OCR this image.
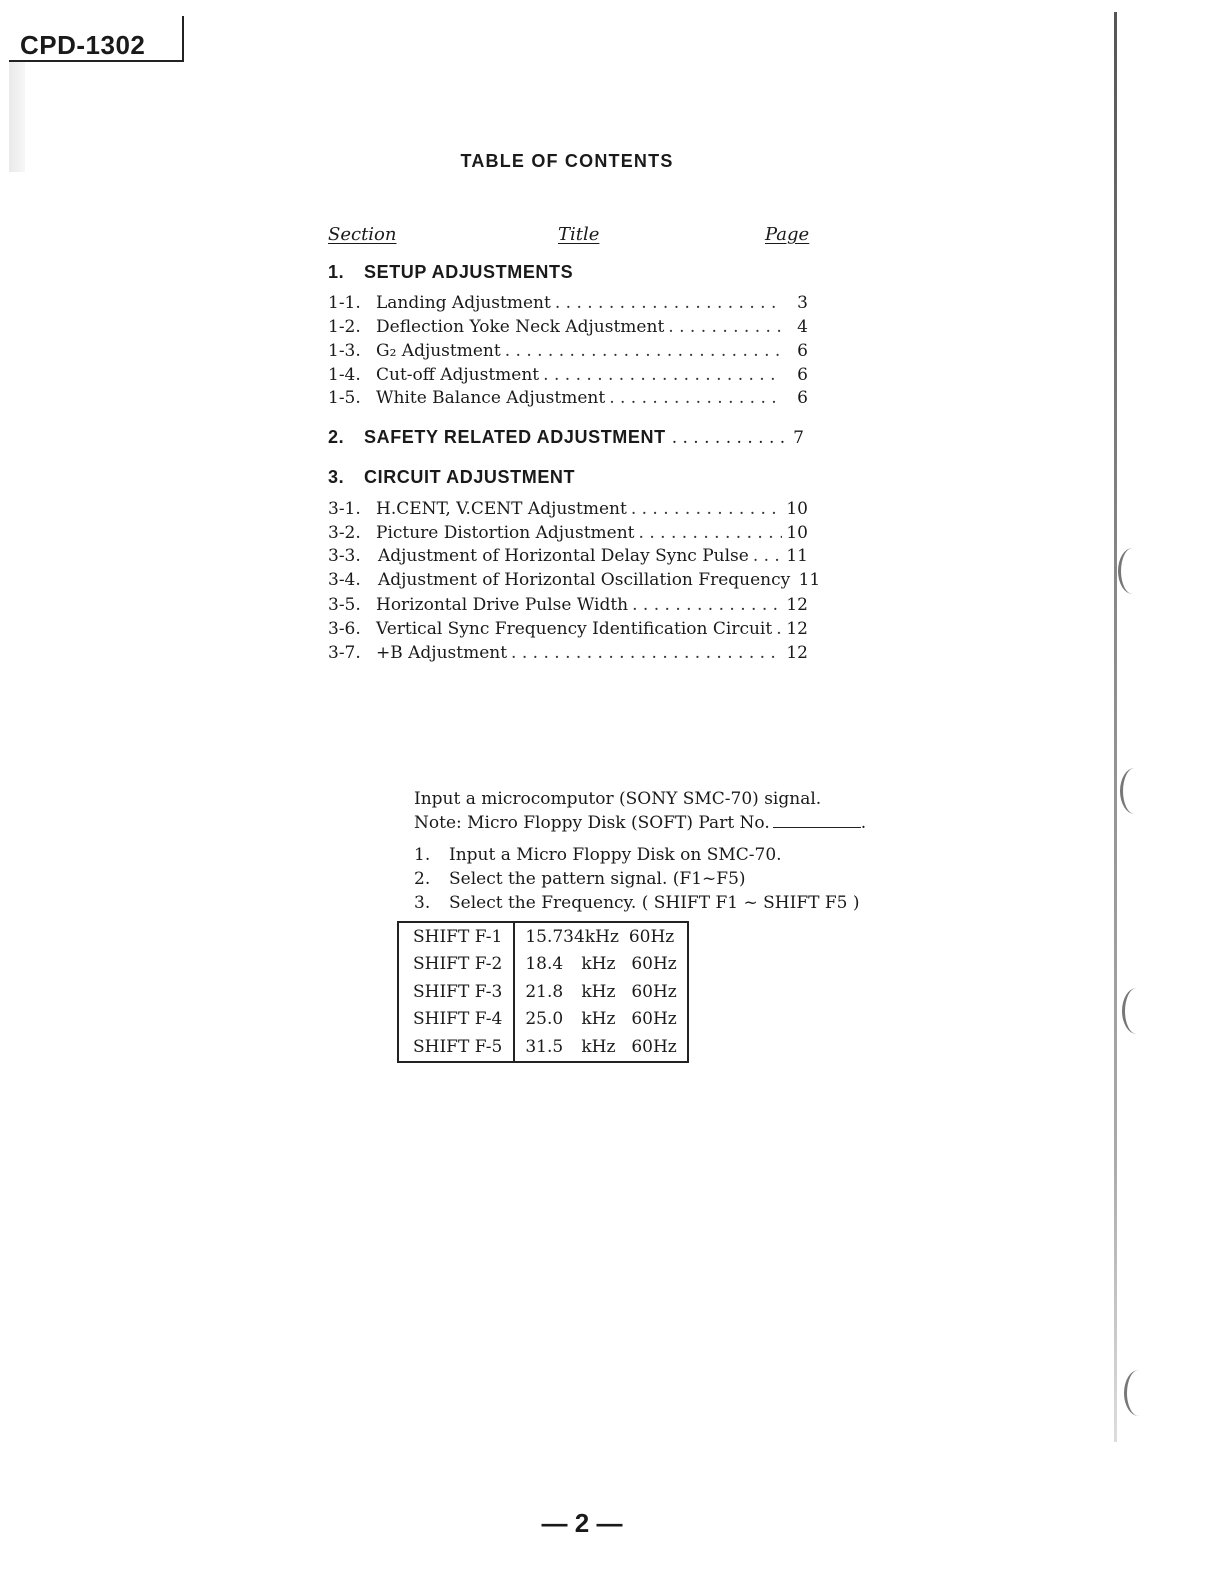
CPD-1302
TABLE OF CONTENTS
Section	Title	Page
1. SETUP ADJUSTMENTS
1-1. Landing Adjustment . . .	3
1-2. Deflection Yoke Neck Adjustment . . .	4
1-3. G₂ Adjustment . . .	6
1-4. Cut-off Adjustment . . .	6
1-5. White Balance Adjustment . . .	6
2. SAFETY RELATED ADJUSTMENT . . .	7
3. CIRCUIT ADJUSTMENT
3-1. H.CENT, V.CENT Adjustment . . .	10
3-2. Picture Distortion Adjustment . . .	10
3-3.	Adjustment of Horizontal Delay Sync Pulse . . . 11
3-4.	Adjustment of Horizontal Oscillation Frequency 11
3-5. Horizontal Drive Pulse Width . . .	12
3-6. Vertical Sync Frequency Identification Circuit . . . 12
3-7. +B Adjustment . . .	12
Input a microcomputor (SONY SMC-70) signal.
Note: Micro Floppy Disk (SOFT) Part No.	.
1. Input a Micro Floppy Disk on SMC-70.
2. Select the pattern signal. (F1~F5)
3. Select the Frequency. ( SHIFT F1 ~ SHIFT F5 )
SHIFT F-1	15.734kHz 60Hz
SHIFT F-2	18.4 kHz 60Hz
SHIFT F-3	21.8 kHz 60Hz
SHIFT F-4	25.0 kHz 60Hz
SHIFT F-5	31.5 kHz 60Hz
— 2 —
